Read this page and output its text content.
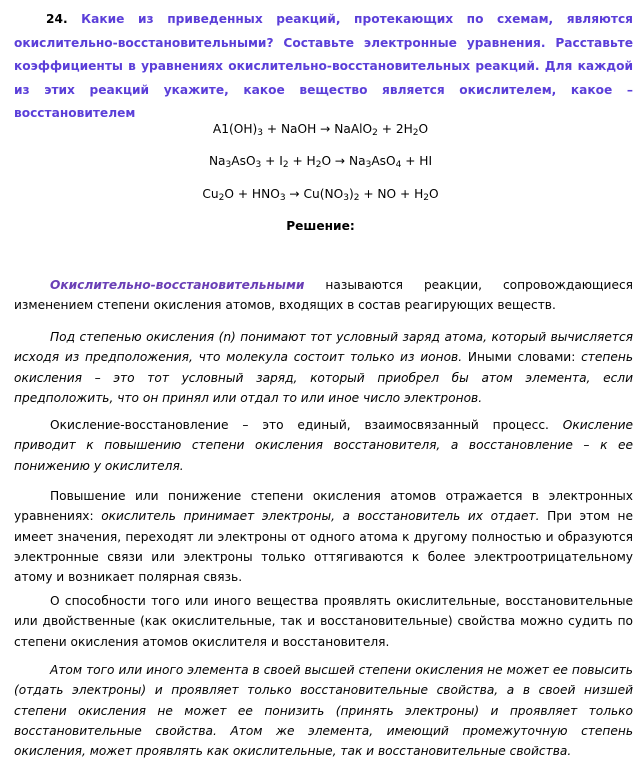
24. Какие из приведенных реакций, протекающих по схемам, являются окислительно-восстановительными? Составьте электронные уравнения. Расставьте коэффициенты в уравнениях окислительно-восстановительных реакций. Для каждой из этих реакций укажите, какое вещество является окислителем, какое – восстановителем
$А1(OH)_3$ + NaOH → NaAlO$_2$ + $2H_2O$
$Na_3AsO_3 + I_2 + H_2O \to Na_3AsO_4$ + HI
$Cu_2O + HNO_3 \to Cu(NO_3)_2$ + NO + $H_2O$
Решение:
Окислительно-восстановительными называются реакции, сопровождающиеся изменением степени окисления атомов, входящих в состав реагирующих веществ.
Под степенью окисления (n) понимают тот условный заряд атома, который вычисляется исходя из предположения, что молекула состоит только из ионов. Иными словами: степень окисления – это тот условный заряд, который приобрел бы атом элемента, если предположить, что он принял или отдал то или иное число электронов.
Окисление-восстановление – это единый, взаимосвязанный процесс. Окисление приводит к повышению степени окисления восстановителя, а восстановление – к ее понижению у окислителя.
Повышение или понижение степени окисления атомов отражается в электронных уравнениях: окислитель принимает электроны, а восстановитель их отдает. При этом не имеет значения, переходят ли электроны от одного атома к другому полностью и образуются электронные связи или электроны только оттягиваются к более электроотрицательному атому и возникает полярная связь.
О способности того или иного вещества проявлять окислительные, восстановительные или двойственные (как окислительные, так и восстановительные) свойства можно судить по степени окисления атомов окислителя и восстановителя.
Атом того или иного элемента в своей высшей степени окисления не может ее повысить (отдать электроны) и проявляет только восстановительные свойства, а в своей низшей степени окисления не может ее понизить (принять электроны) и проявляет только восстановительные свойства. Атом же элемента, имеющий промежуточную степень окисления, может проявлять как окислительные, так и восстановительные свойства.
